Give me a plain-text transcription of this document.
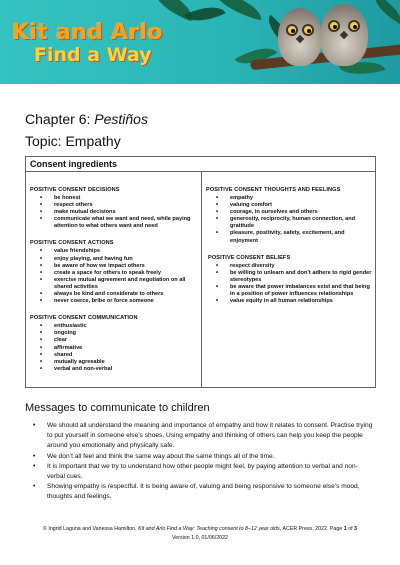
Kit and Arlo
Find a Way
Chapter 6: Pestiños
Topic: Empathy
Consent ingredients
POSITIVE CONSENT DECISIONS
• be honest
• respect others
• make mutual decisions
• communicate what we want and need, while paying attention to what others want and need
POSITIVE CONSENT ACTIONS
• value friendships
• enjoy playing, and having fun
• be aware of how we impact others
• create a space for others to speak freely
• exercise mutual agreement and negotiation on all shared activities
• always be kind and considerate to others
• never coerce, bribe or force someone
POSITIVE CONSENT COMMUNICATION
• enthusiastic
• ongoing
• clear
• affirmative
• shared
• mutually agreeable
• verbal and non-verbal
POSITIVE CONSENT THOUGHTS AND FEELINGS
• empathy
• valuing comfort
• courage, in ourselves and others
• generosity, reciprocity, human connection, and gratitude
• pleasure, positivity, safety, excitement, and enjoyment
POSITIVE CONSENT BELIEFS
• respect diversity
• be willing to unlearn and don’t adhere to rigid gender stereotypes
• be aware that power imbalances exist and that being in a position of power influences relationships
• value equity in all human relationships
Messages to communicate to children
• We should all understand the meaning and importance of empathy and how it relates to consent. Practise trying to put yourself in someone else’s shoes. Using empathy and thinking of others can help you keep the people around you emotionally and physically safe.
• We don’t all feel and think the same way about the same things all of the time.
• It is important that we try to understand how other people might feel, by paying attention to verbal and non-verbal cues.
• Showing empathy is respectful. It is being aware of, valuing and being responsive to someone else’s mood, thoughts and feelings.
© Ingrid Laguna and Vanessa Hamilton, Kit and Arlo Find a Way: Teaching consent to 8–12 year olds, ACER Press, 2022 Page 1 of 3
Version 1.0, 01/06/2022
